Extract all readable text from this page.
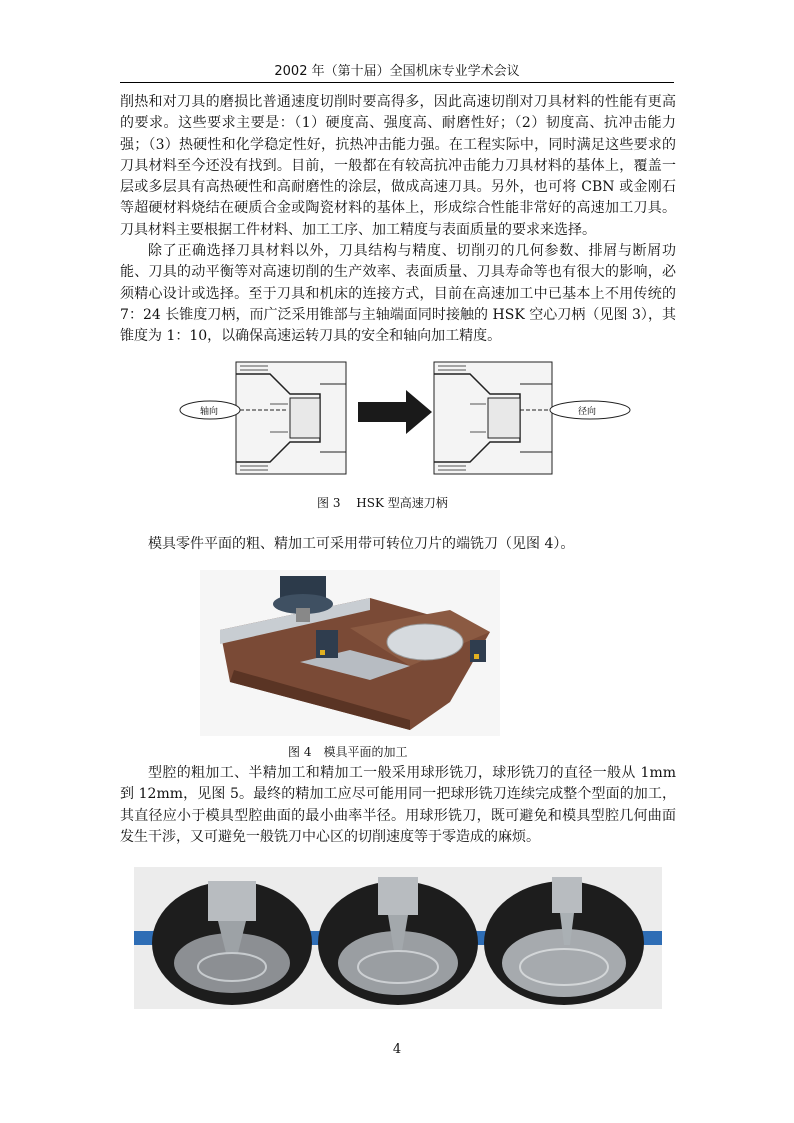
2002 年（第十届）全国机床专业学术会议

削热和对刀具的磨损比普通速度切削时要高得多，因此高速切削对刀具材料的性能有更高的要求。这些要求主要是：（1）硬度高、强度高、耐磨性好；（2）韧度高、抗冲击能力强；（3）热硬性和化学稳定性好，抗热冲击能力强。在工程实际中，同时满足这些要求的刀具材料至今还没有找到。目前，一般都在有较高抗冲击能力刀具材料的基体上，覆盖一层或多层具有高热硬性和高耐磨性的涂层，做成高速刀具。另外，也可将 CBN 或金刚石等超硬材料烧结在硬质合金或陶瓷材料的基体上，形成综合性能非常好的高速加工刀具。刀具材料主要根据工件材料、加工工序、加工精度与表面质量的要求来选择。

除了正确选择刀具材料以外，刀具结构与精度、切削刃的几何参数、排屑与断屑功能、刀具的动平衡等对高速切削的生产效率、表面质量、刀具寿命等也有很大的影响，必须精心设计或选择。至于刀具和机床的连接方式，目前在高速加工中已基本上不用传统的 7：24 长锥度刀柄，而广泛采用锥部与主轴端面同时接触的 HSK 空心刀柄（见图 3），其锥度为 1：10，以确保高速运转刀具的安全和轴向加工精度。

轴向	径向
图 3　 HSK 型高速刀柄

模具零件平面的粗、精加工可采用带可转位刀片的端铣刀（见图 4）。

图 4　模具平面的加工

型腔的粗加工、半精加工和精加工一般采用球形铣刀，球形铣刀的直径一般从 1mm 到 12mm，见图 5。最终的精加工应尽可能用同一把球形铣刀连续完成整个型面的加工，其直径应小于模具型腔曲面的最小曲率半径。用球形铣刀，既可避免和模具型腔几何曲面发生干涉，又可避免一般铣刀中心区的切削速度等于零造成的麻烦。

4
